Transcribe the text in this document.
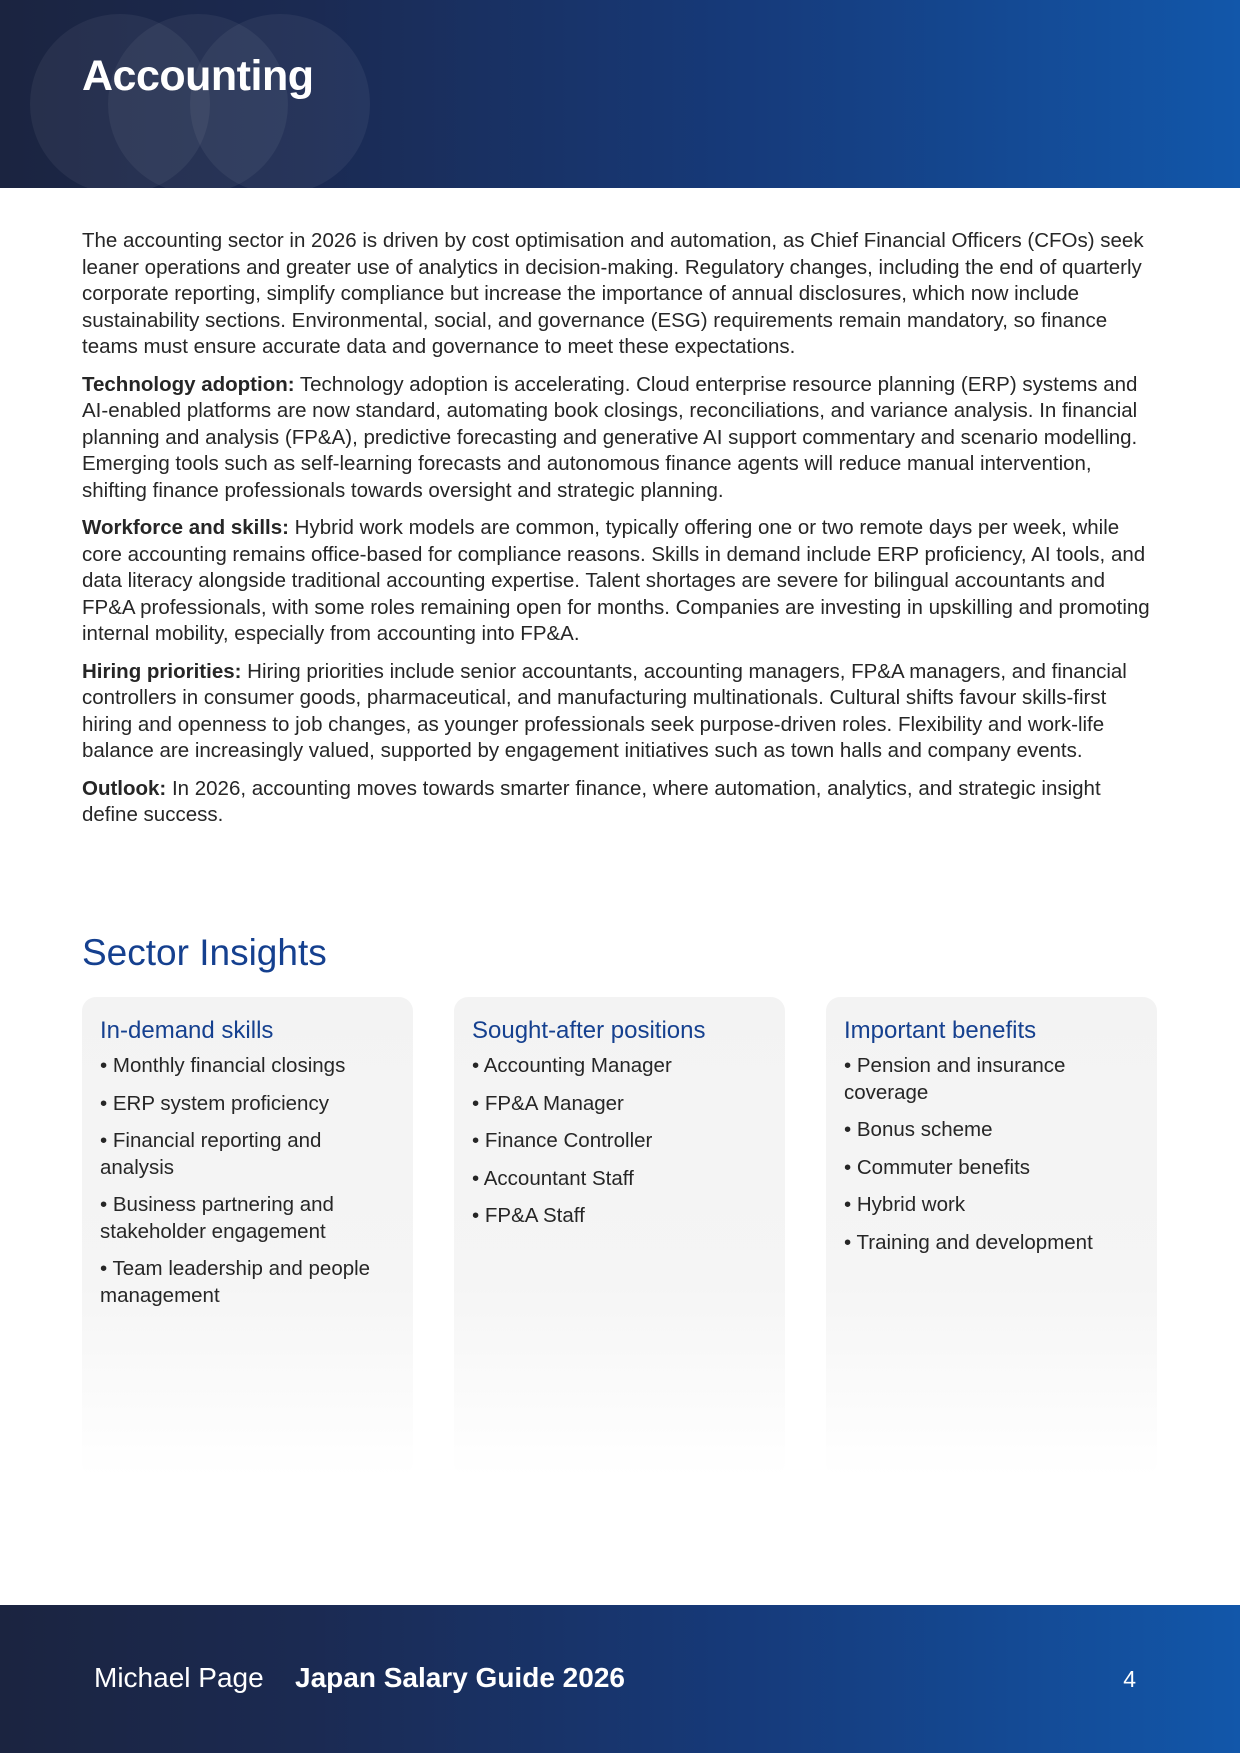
Accounting

The accounting sector in 2026 is driven by cost optimisation and automation, as Chief Financial Officers (CFOs) seek leaner operations and greater use of analytics in decision-making. Regulatory changes, including the end of quarterly corporate reporting, simplify compliance but increase the importance of annual disclosures, which now include sustainability sections. Environmental, social, and governance (ESG) requirements remain mandatory, so finance teams must ensure accurate data and governance to meet these expectations.

Technology adoption: Technology adoption is accelerating. Cloud enterprise resource planning (ERP) systems and AI-enabled platforms are now standard, automating book closings, reconciliations, and variance analysis. In financial planning and analysis (FP&A), predictive forecasting and generative AI support commentary and scenario modelling. Emerging tools such as self-learning forecasts and autonomous finance agents will reduce manual intervention, shifting finance professionals towards oversight and strategic planning.

Workforce and skills: Hybrid work models are common, typically offering one or two remote days per week, while core accounting remains office-based for compliance reasons. Skills in demand include ERP proficiency, AI tools, and data literacy alongside traditional accounting expertise. Talent shortages are severe for bilingual accountants and FP&A professionals, with some roles remaining open for months. Companies are investing in upskilling and promoting internal mobility, especially from accounting into FP&A.

Hiring priorities: Hiring priorities include senior accountants, accounting managers, FP&A managers, and financial controllers in consumer goods, pharmaceutical, and manufacturing multinationals. Cultural shifts favour skills-first hiring and openness to job changes, as younger professionals seek purpose-driven roles. Flexibility and work-life balance are increasingly valued, supported by engagement initiatives such as town halls and company events.

Outlook: In 2026, accounting moves towards smarter finance, where automation, analytics, and strategic insight define success.

Sector Insights
In-demand skills
• Monthly financial closings
• ERP system proficiency
• Financial reporting and analysis
• Business partnering and stakeholder engagement
• Team leadership and people management
Sought-after positions
• Accounting Manager
• FP&A Manager
• Finance Controller
• Accountant Staff
• FP&A Staff
Important benefits
• Pension and insurance coverage
• Bonus scheme
• Commuter benefits
• Hybrid work
• Training and development
Michael Page Japan Salary Guide 2026	4
